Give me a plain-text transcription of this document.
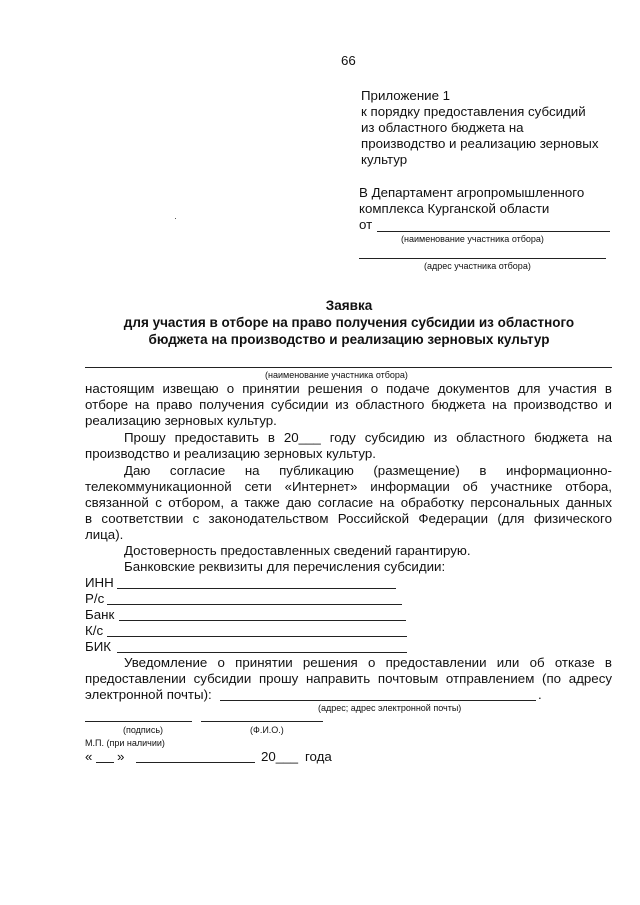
66
Приложение 1
к порядку предоставления субсидий
из областного бюджета на
производство и реализацию зерновых
культур
В Департамент агропромышленного
комплекса Курганской области
от
(наименование участника отбора)
(адрес участника отбора)
Заявка
для участия в отборе на право получения субсидии из областного
бюджета на производство и реализацию зерновых культур
(наименование участника отбора)
настоящим извещаю о принятии решения о подаче документов для участия в
отборе на право получения субсидии из областного бюджета на производство и
реализацию зерновых культур.
Прошу предоставить в 20___ году субсидию из областного бюджета на
производство и реализацию зерновых культур.
Даю согласие на публикацию (размещение) в информационно-
телекоммуникационной сети «Интернет» информации об участнике отбора,
связанной с отбором, а также даю согласие на обработку персональных данных
в соответствии с законодательством Российской Федерации (для физического
лица).
Достоверность предоставленных сведений гарантирую.
Банковские реквизиты для перечисления субсидии:
ИНН
Р/с
Банк
К/с
БИК
Уведомление о принятии решения о предоставлении или об отказе в
предоставлении субсидии прошу направить почтовым отправлением (по адресу
электронной почты):	.
(адрес; адрес электронной почты)
(подпись)	(Ф.И.О.)
М.П. (при наличии)
« »	20___ года
